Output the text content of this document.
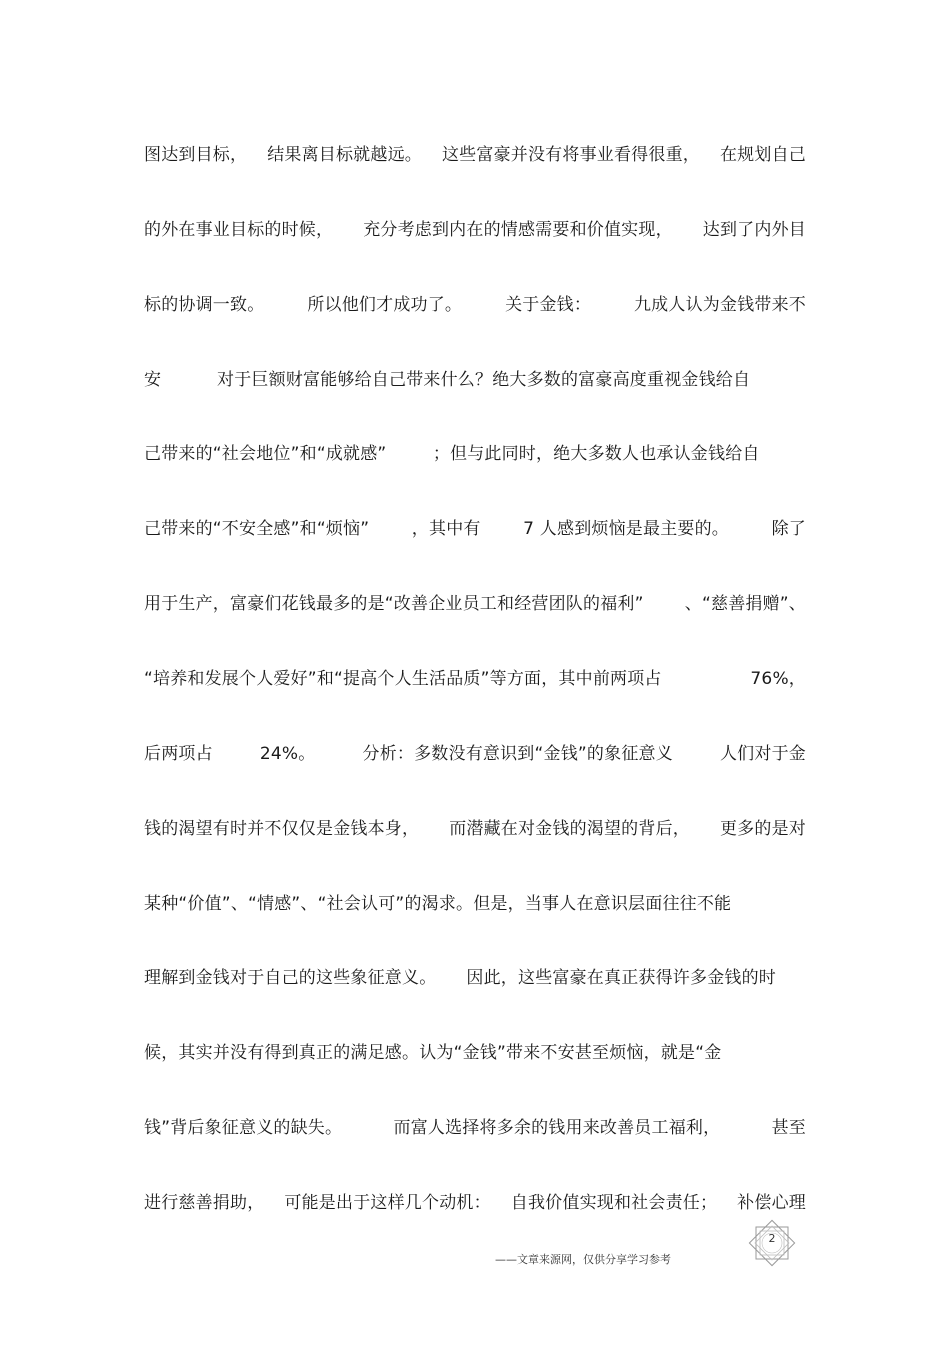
图达到目标， 结果离目标就越远。 这些富豪并没有将事业看得很重， 在规划自己
的外在事业目标的时候， 充分考虑到内在的情感需要和价值实现， 达到了内外目
标的协调一致。	所以他们才成功了。	关于金钱：	九成人认为金钱带来不
安	对于巨额财富能够给自己带来什么？绝大多数的富豪高度重视金钱给自
己带来的“社会地位”和“成就感”	；但与此同时，绝大多数人也承认金钱给自
己带来的“不安全感”和“烦恼”	，其中有	7 人感到烦恼是最主要的。	除了
用于生产，富豪们花钱最多的是“改善企业员工和经营团队的福利” 、“慈善捐赠”、
“培养和发展个人爱好”和“提高个人生活品质”等方面，其中前两项占	76%，
后两项占	24%。	分析：多数没有意识到“金钱”的象征意义	人们对于金
钱的渴望有时并不仅仅是金钱本身， 而潜藏在对金钱的渴望的背后， 更多的是对
某种“价值”、“情感”、“社会认可”的渴求。但是，当事人在意识层面往往不能
理解到金钱对于自己的这些象征意义。 因此，这些富豪在真正获得许多金钱的时
候，其实并没有得到真正的满足感。认为“金钱”带来不安甚至烦恼，就是“金
钱”背后象征意义的缺失。	而富人选择将多余的钱用来改善员工福利，	甚至
进行慈善捐助， 可能是出于这样几个动机： 自我价值实现和社会责任； 补偿心理
——文章来源网，仅供分享学习参考
2
